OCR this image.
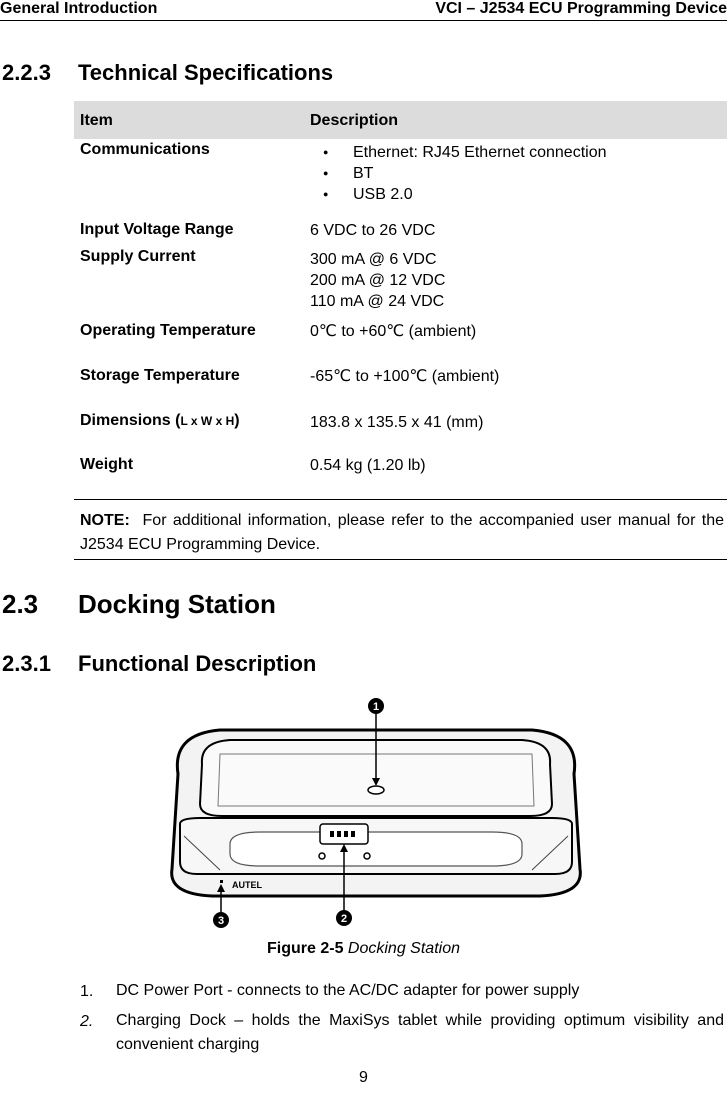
General Introduction	VCI – J2534 ECU Programming Device
2.2.3 Technical Specifications
Item	Description
Communications
●	Ethernet: RJ45 Ethernet connection
● BT
● USB 2.0
Input Voltage Range	6 VDC to 26 VDC
Supply Current	300 mA @ 6 VDC
200 mA @ 12 VDC
110 mA @ 24 VDC
Operating Temperature	0℃ to +60℃ (ambient)
Storage Temperature	-65℃ to +100℃ (ambient)
Dimensions (L x W x H)	183.8 x 135.5 x 41 (mm)
Weight	0.54 kg (1.20 lb)
NOTE: For additional information, please refer to the accompanied user manual for the J2534 ECU Programming Device.
2.3 Docking Station
2.3.1 Functional Description
AUTEL
1
2
3
Figure 2-5 Docking Station
1. DC Power Port - connects to the AC/DC adapter for power supply
2. Charging Dock – holds the MaxiSys tablet while providing optimum visibility and convenient charging
9
